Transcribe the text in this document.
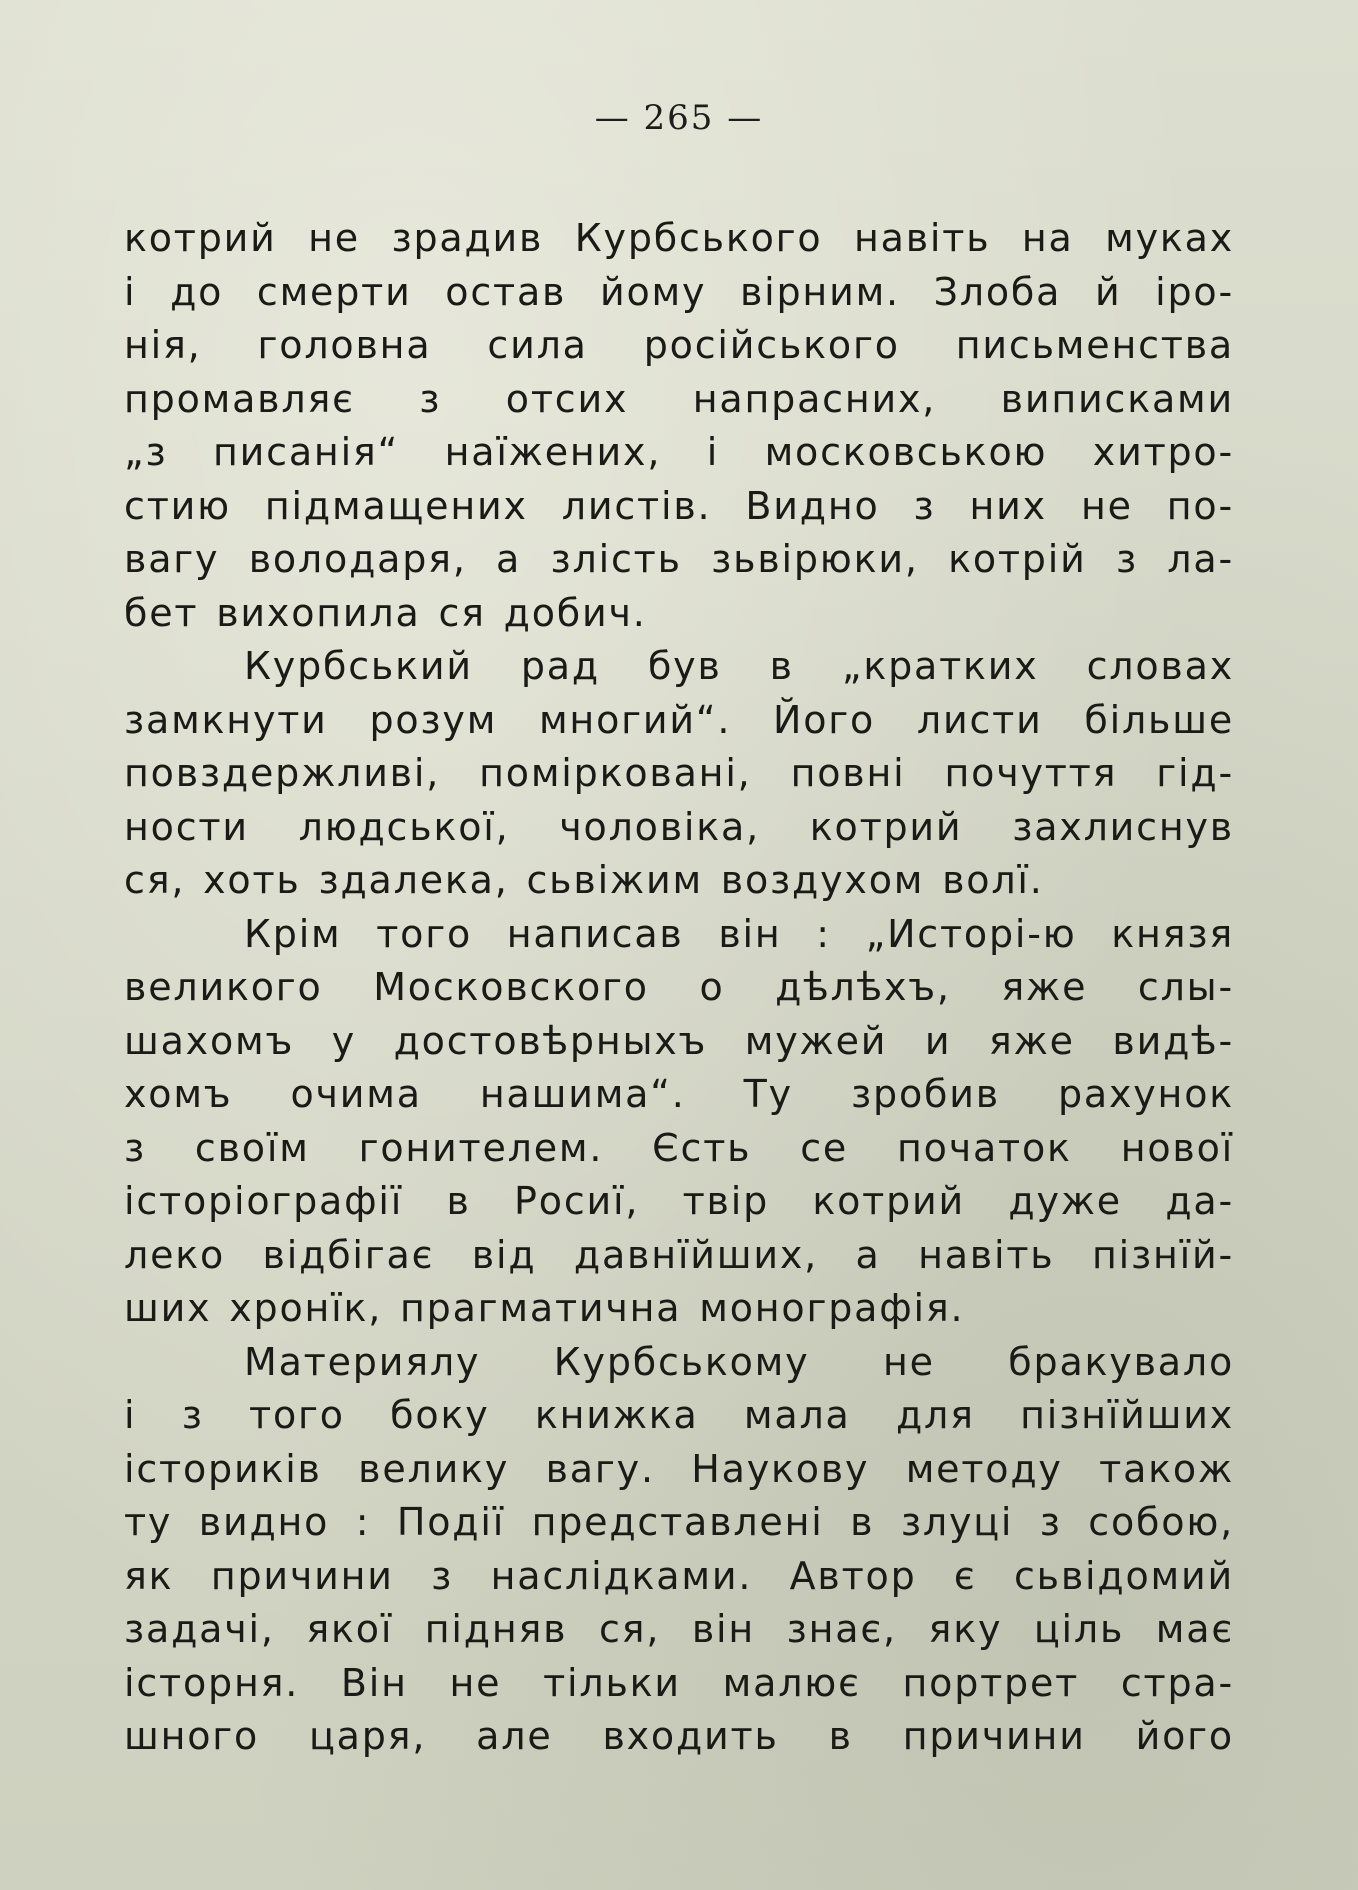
— 265 —
котрий не зрадив Курбського навіть на муках
і до смерти остав йому вірним. Злоба й іро-
нія, головна сила російського письменства
промавляє з отсих напрасних, виписками
„з писанія“ наїжених, і московською хитро-
стию підмащених листів. Видно з них не по-
вагу володаря, а злість зьвірюки, котрій з ла-
бет вихопила ся добич.
Курбський рад був в „кратких словах
замкнути розум многий“. Його листи більше
повздержливі, помірковані, повні почуття гід-
ности людської, чоловіка, котрий захлиснув
ся, хоть здалека, сьвіжим воздухом волї.
Крім того написав він : „Исторі-ю князя
великого Московского о дѣлѣхъ, яже слы-
шахомъ у достовѣрныхъ мужей и яже видѣ-
хомъ очима нашима“. Ту зробив рахунок
з своїм гонителем. Єсть се початок нової
історіографії в Росиї, твір котрий дуже да-
леко відбігає від давнїйших, а навіть пізнїй-
ших хронїк, прагматична монографія.
Материялу Курбському не бракувало
і з того боку книжка мала для пізнїйших
істориків велику вагу. Наукову методу також
ту видно : Події представлені в злуці з собою,
як причини з наслідками. Автор є сьвідомий
задачі, якої підняв ся, він знає, яку ціль має
історня. Він не тільки малює портрет стра-
шного царя, але входить в причини його
